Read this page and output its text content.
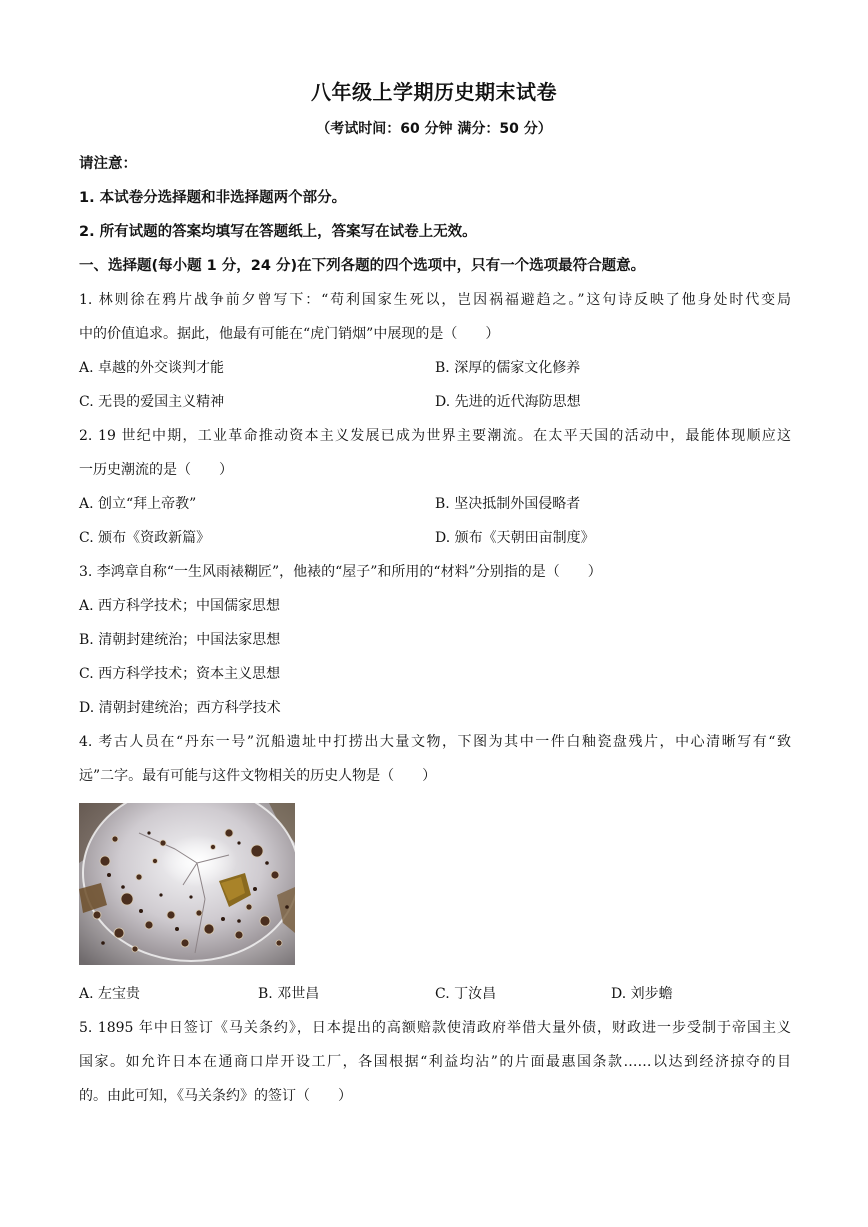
八年级上学期历史期末试卷
（考试时间：60 分钟 满分：50 分）
请注意：
1. 本试卷分选择题和非选择题两个部分。
2. 所有试题的答案均填写在答题纸上，答案写在试卷上无效。
一、选择题(每小题 1 分，24 分)在下列各题的四个选项中，只有一个选项最符合题意。
1. 林则徐在鸦片战争前夕曾写下：“苟利国家生死以，岂因祸福避趋之。”这句诗反映了他身处时代变局
中的价值追求。据此，他最有可能在“虎门销烟”中展现的是（　　）
A. 卓越的外交谈判才能	B. 深厚的儒家文化修养
C. 无畏的爱国主义精神	D. 先进的近代海防思想
2. 19 世纪中期，工业革命推动资本主义发展已成为世界主要潮流。在太平天国的活动中，最能体现顺应这
一历史潮流的是（　　）
A. 创立“拜上帝教”	B. 坚决抵制外国侵略者
C. 颁布《资政新篇》	D. 颁布《天朝田亩制度》
3. 李鸿章自称“一生风雨裱糊匠”，他裱的“屋子”和所用的“材料”分别指的是（　　）
A. 西方科学技术；中国儒家思想
B. 清朝封建统治；中国法家思想
C. 西方科学技术；资本主义思想
D. 清朝封建统治；西方科学技术
4. 考古人员在“丹东一号”沉船遗址中打捞出大量文物，下图为其中一件白釉瓷盘残片，中心清晰写有“致
远”二字。最有可能与这件文物相关的历史人物是（　　）
A. 左宝贵	B. 邓世昌	C. 丁汝昌	D. 刘步蟾
5. 1895 年中日签订《马关条约》，日本提出的高额赔款使清政府举借大量外债，财政进一步受制于帝国主义
国家。如允许日本在通商口岸开设工厂，各国根据“利益均沾”的片面最惠国条款……以达到经济掠夺的目
的。由此可知，《马关条约》的签订（　　）
